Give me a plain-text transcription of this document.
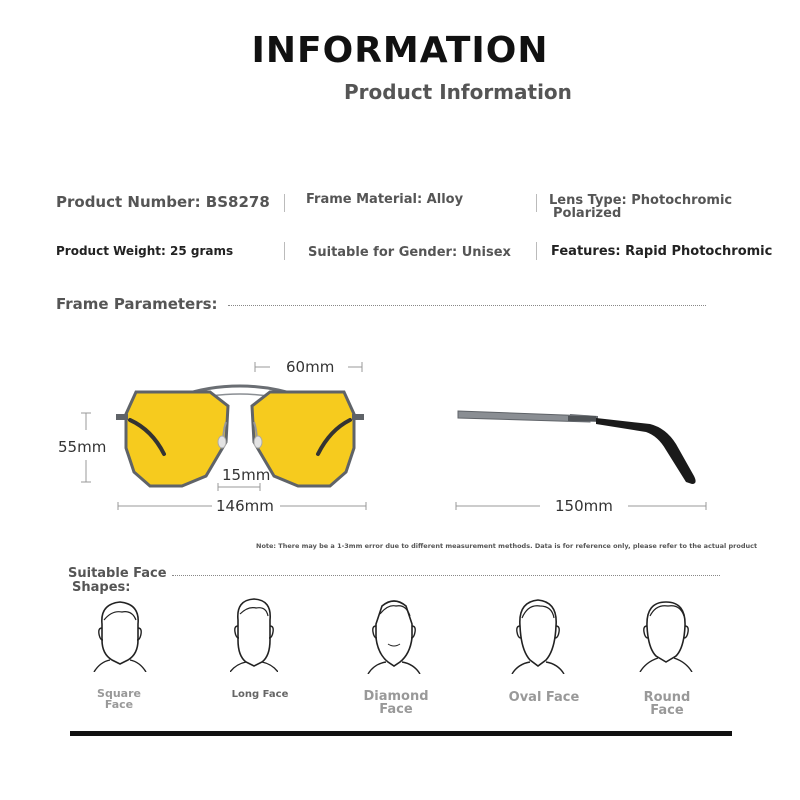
INFORMATION
Product Information
Product Number: BS8278	Frame Material: Alloy	Lens Type: Photochromic
Polarized
Product Weight: 25 grams	Suitable for Gender: Unisex	Features: Rapid Photochromic
Frame Parameters:
60mm
55mm
15mm
146mm	150mm
Note: There may be a 1-3mm error due to different measurement methods. Data is for reference only, please refer to the actual product
Suitable Face
Shapes:
Square
Face
Long Face	Diamond
Face
Oval Face	Round
Face
